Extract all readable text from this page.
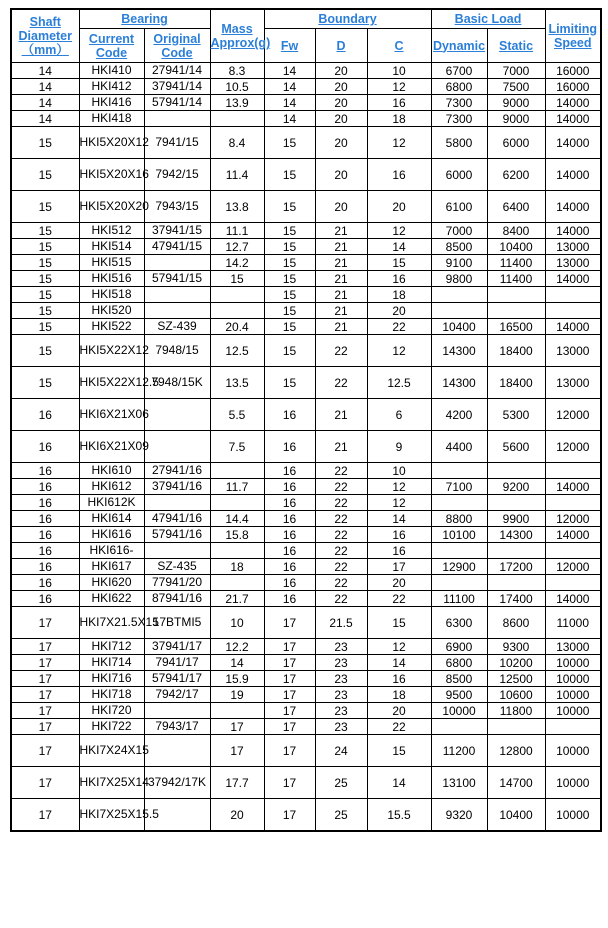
Shaft Diameter（mm）	Bearing		Mass Approx(g)	Boundary			Basic Load		Limiting Speed
	Current Code	Original Code		Fw	D	C	Dynamic	Static	
14	HKI410	27941/14	8.3	14	20	10	6700	7000	16000
14	HKI412	37941/14	10.5	14	20	12	6800	7500	16000
14	HKI416	57941/14	13.9	14	20	16	7300	9000	14000
14	HKI418			14	20	18	7300	9000	14000
15	HKI5X20X12	7941/15	8.4	15	20	12	5800	6000	14000
15	HKI5X20X16	7942/15	11.4	15	20	16	6000	6200	14000
15	HKI5X20X20	7943/15	13.8	15	20	20	6100	6400	14000
15	HKI512	37941/15	11.1	15	21	12	7000	8400	14000
15	HKI514	47941/15	12.7	15	21	14	8500	10400	13000
15	HKI515		14.2	15	21	15	9100	11400	13000
15	HKI516	57941/15	15	15	21	16	9800	11400	14000
15	HKI518			15	21	18			
15	HKI520			15	21	20			
15	HKI522	SZ-439	20.4	15	21	22	10400	16500	14000
15	HKI5X22X12	7948/15	12.5	15	22	12	14300	18400	13000
15	HKI5X22X12.5	7948/15K	13.5	15	22	12.5	14300	18400	13000
16	HKI6X21X06		5.5	16	21	6	4200	5300	12000
16	HKI6X21X09		7.5	16	21	9	4400	5600	12000
16	HKI610	27941/16		16	22	10			
16	HKI612	37941/16	11.7	16	22	12	7100	9200	14000
16	HKI612K			16	22	12			
16	HKI614	47941/16	14.4	16	22	14	8800	9900	12000
16	HKI616	57941/16	15.8	16	22	16	10100	14300	14000
16	HKI616-			16	22	16			
16	HKI617	SZ-435	18	16	22	17	12900	17200	12000
16	HKI620	77941/20		16	22	20			
16	HKI622	87941/16	21.7	16	22	22	11100	17400	14000
17	HKI7X21.5X15	17BTMI5	10	17	21.5	15	6300	8600	11000
17	HKI712	37941/17	12.2	17	23	12	6900	9300	13000
17	HKI714	7941/17	14	17	23	14	6800	10200	10000
17	HKI716	57941/17	15.9	17	23	16	8500	12500	10000
17	HKI718	7942/17	19	17	23	18	9500	10600	10000
17	HKI720			17	23	20	10000	11800	10000
17	HKI722	7943/17	17	17	23	22			
17	HKI7X24X15		17	17	24	15	11200	12800	10000
17	HKI7X25X14	37942/17K	17.7	17	25	14	13100	14700	10000
17	HKI7X25X15.5		20	17	25	15.5	9320	10400	10000
